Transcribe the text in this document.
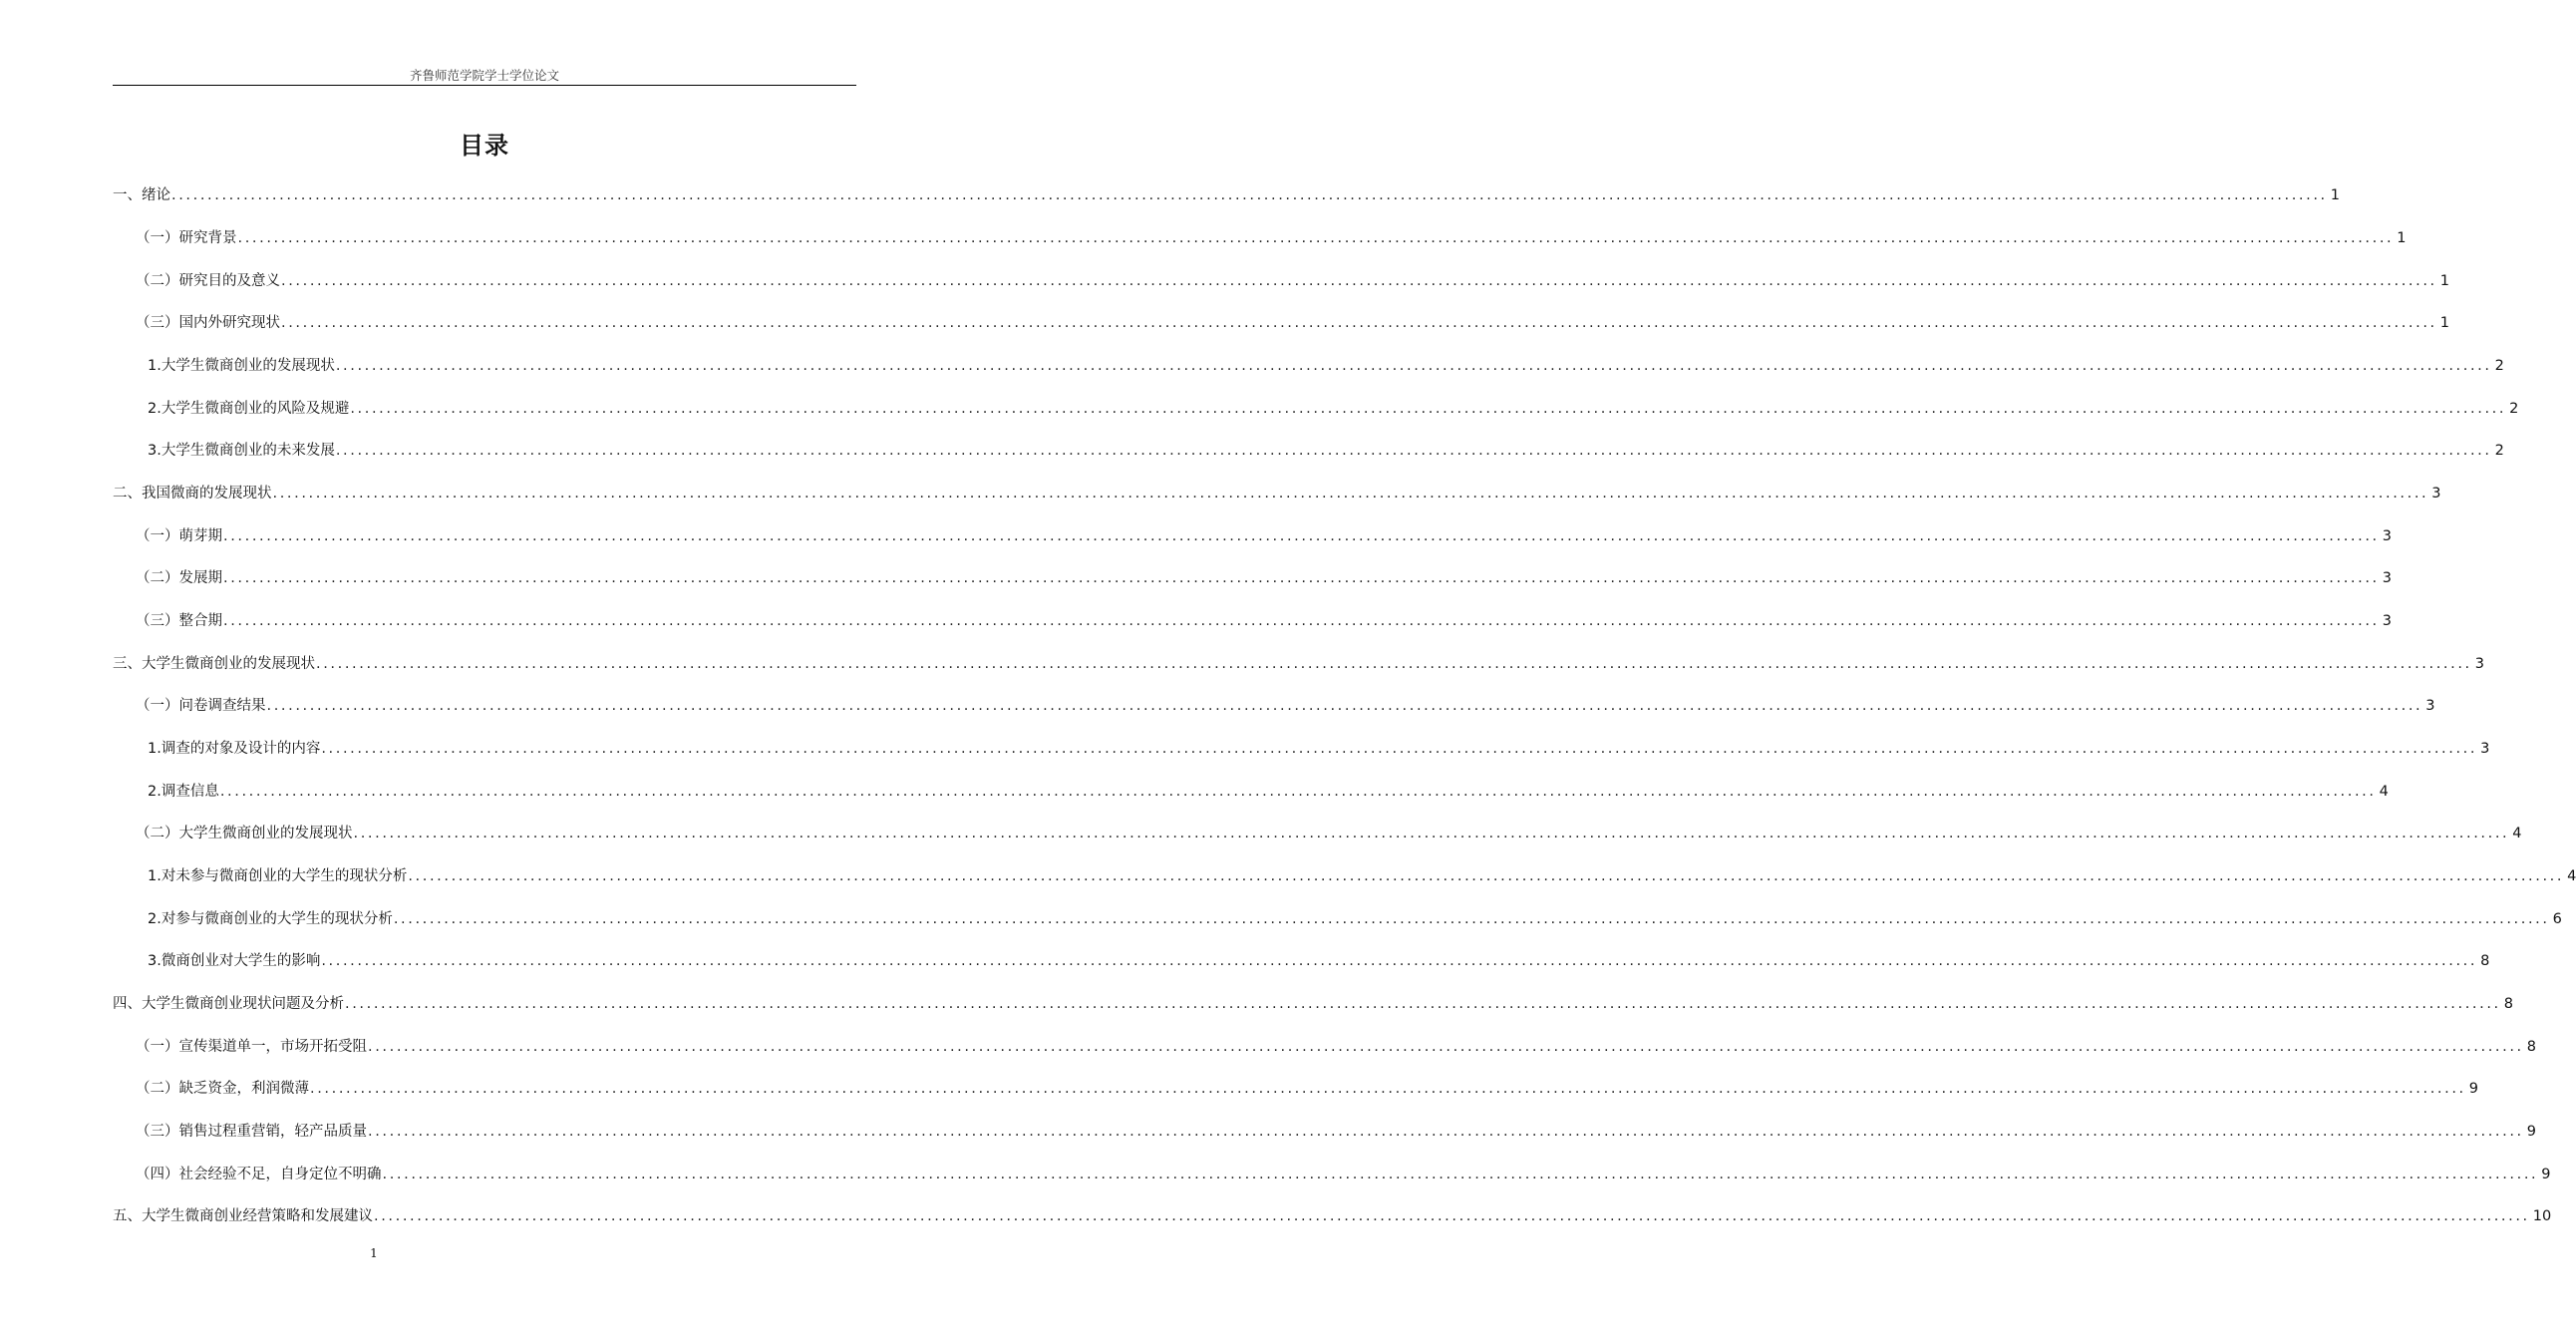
齐鲁师范学院学士学位论文
目录
一、绪论 ............................................................................................................................................................................................................................................................................................................ 1
（一）研究背景 ............................................................................................................................................................................................................................................................................................................ 1
（二）研究目的及意义 ............................................................................................................................................................................................................................................................................................................ 1
（三）国内外研究现状 ............................................................................................................................................................................................................................................................................................................ 1
1.大学生微商创业的发展现状 ............................................................................................................................................................................................................................................................................................................ 2
2.大学生微商创业的风险及规避 ............................................................................................................................................................................................................................................................................................................ 2
3.大学生微商创业的未来发展 ............................................................................................................................................................................................................................................................................................................ 2
二、我国微商的发展现状 ............................................................................................................................................................................................................................................................................................................ 3
（一）萌芽期 ............................................................................................................................................................................................................................................................................................................ 3
（二）发展期 ............................................................................................................................................................................................................................................................................................................ 3
（三）整合期 ............................................................................................................................................................................................................................................................................................................ 3
三、大学生微商创业的发展现状 ............................................................................................................................................................................................................................................................................................................ 3
（一）问卷调查结果 ............................................................................................................................................................................................................................................................................................................ 3
1.调查的对象及设计的内容 ............................................................................................................................................................................................................................................................................................................ 3
2.调查信息 ............................................................................................................................................................................................................................................................................................................ 4
（二）大学生微商创业的发展现状 ............................................................................................................................................................................................................................................................................................................ 4
1.对未参与微商创业的大学生的现状分析 ............................................................................................................................................................................................................................................................................................................ 4
2.对参与微商创业的大学生的现状分析 ............................................................................................................................................................................................................................................................................................................ 6
3.微商创业对大学生的影响 ............................................................................................................................................................................................................................................................................................................ 8
四、大学生微商创业现状问题及分析 ............................................................................................................................................................................................................................................................................................................ 8
（一）宣传渠道单一，市场开拓受阻 ............................................................................................................................................................................................................................................................................................................ 8
（二）缺乏资金，利润微薄 ............................................................................................................................................................................................................................................................................................................ 9
（三）销售过程重营销，轻产品质量 ............................................................................................................................................................................................................................................................................................................ 9
（四）社会经验不足，自身定位不明确 ............................................................................................................................................................................................................................................................................................................ 9
五、大学生微商创业经营策略和发展建议 ............................................................................................................................................................................................................................................................................................................ 10
1
